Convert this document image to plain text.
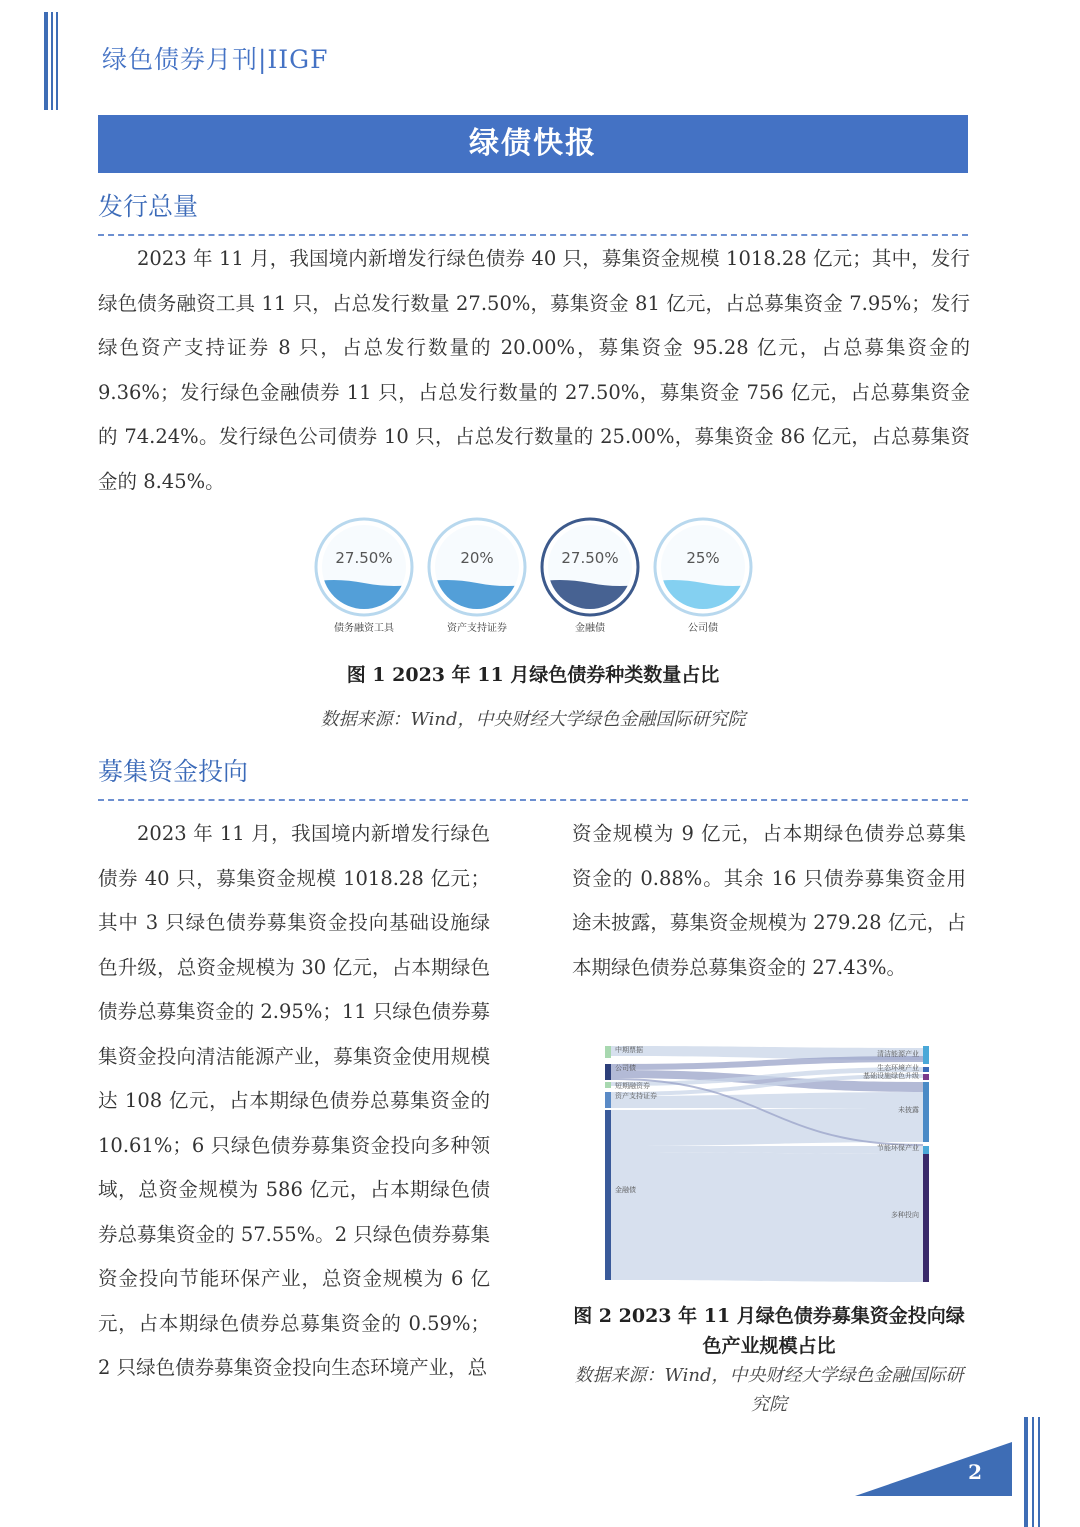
绿色债券月刊|IIGF
绿债快报
发行总量
2023 年 11 月，我国境内新增发行绿色债券 40 只，募集资金规模 1018.28 亿元；其中，发行绿色债务融资工具 11 只，占总发行数量 27.50%，募集资金 81 亿元，占总募集资金 7.95%；发行绿色资产支持证券 8 只，占总发行数量的 20.00%，募集资金 95.28 亿元，占总募集资金的 9.36%；发行绿色金融债券 11 只，占总发行数量的 27.50%，募集资金 756 亿元，占总募集资金的 74.24%。发行绿色公司债券 10 只，占总发行数量的 25.00%，募集资金 86 亿元，占总募集资金的 8.45%。
27.50%
债务融资工具
20%
资产支持证券
27.50%
金融债
25%
公司债
图 1 2023 年 11 月绿色债券种类数量占比
数据来源：Wind，中央财经大学绿色金融国际研究院
募集资金投向
2023 年 11 月，我国境内新增发行绿色债券 40 只，募集资金规模 1018.28 亿元；其中 3 只绿色债券募集资金投向基础设施绿色升级，总资金规模为 30 亿元，占本期绿色债券总募集资金的 2.95%；11 只绿色债券募集资金投向清洁能源产业，募集资金使用规模达 108 亿元，占本期绿色债券总募集资金的 10.61%；6 只绿色债券募集资金投向多种领域，总资金规模为 586 亿元，占本期绿色债券总募集资金的 57.55%。2 只绿色债券募集资金投向节能环保产业，总资金规模为 6 亿元，占本期绿色债券总募集资金的 0.59%；2 只绿色债券募集资金投向生态环境产业，总
资金规模为 9 亿元，占本期绿色债券总募集资金的 0.88%。其余 16 只债券募集资金用途未披露，募集资金规模为 279.28 亿元，占本期绿色债券总募集资金的 27.43%。
中期票据
公司债
短期融资券
资产支持证券
金融债
清洁能源产业
生态环境产业
基础设施绿色升级
未披露
节能环保产业
多种投向
图 2 2023 年 11 月绿色债券募集资金投向绿
色产业规模占比
数据来源：Wind，中央财经大学绿色金融国际研
究院
2
